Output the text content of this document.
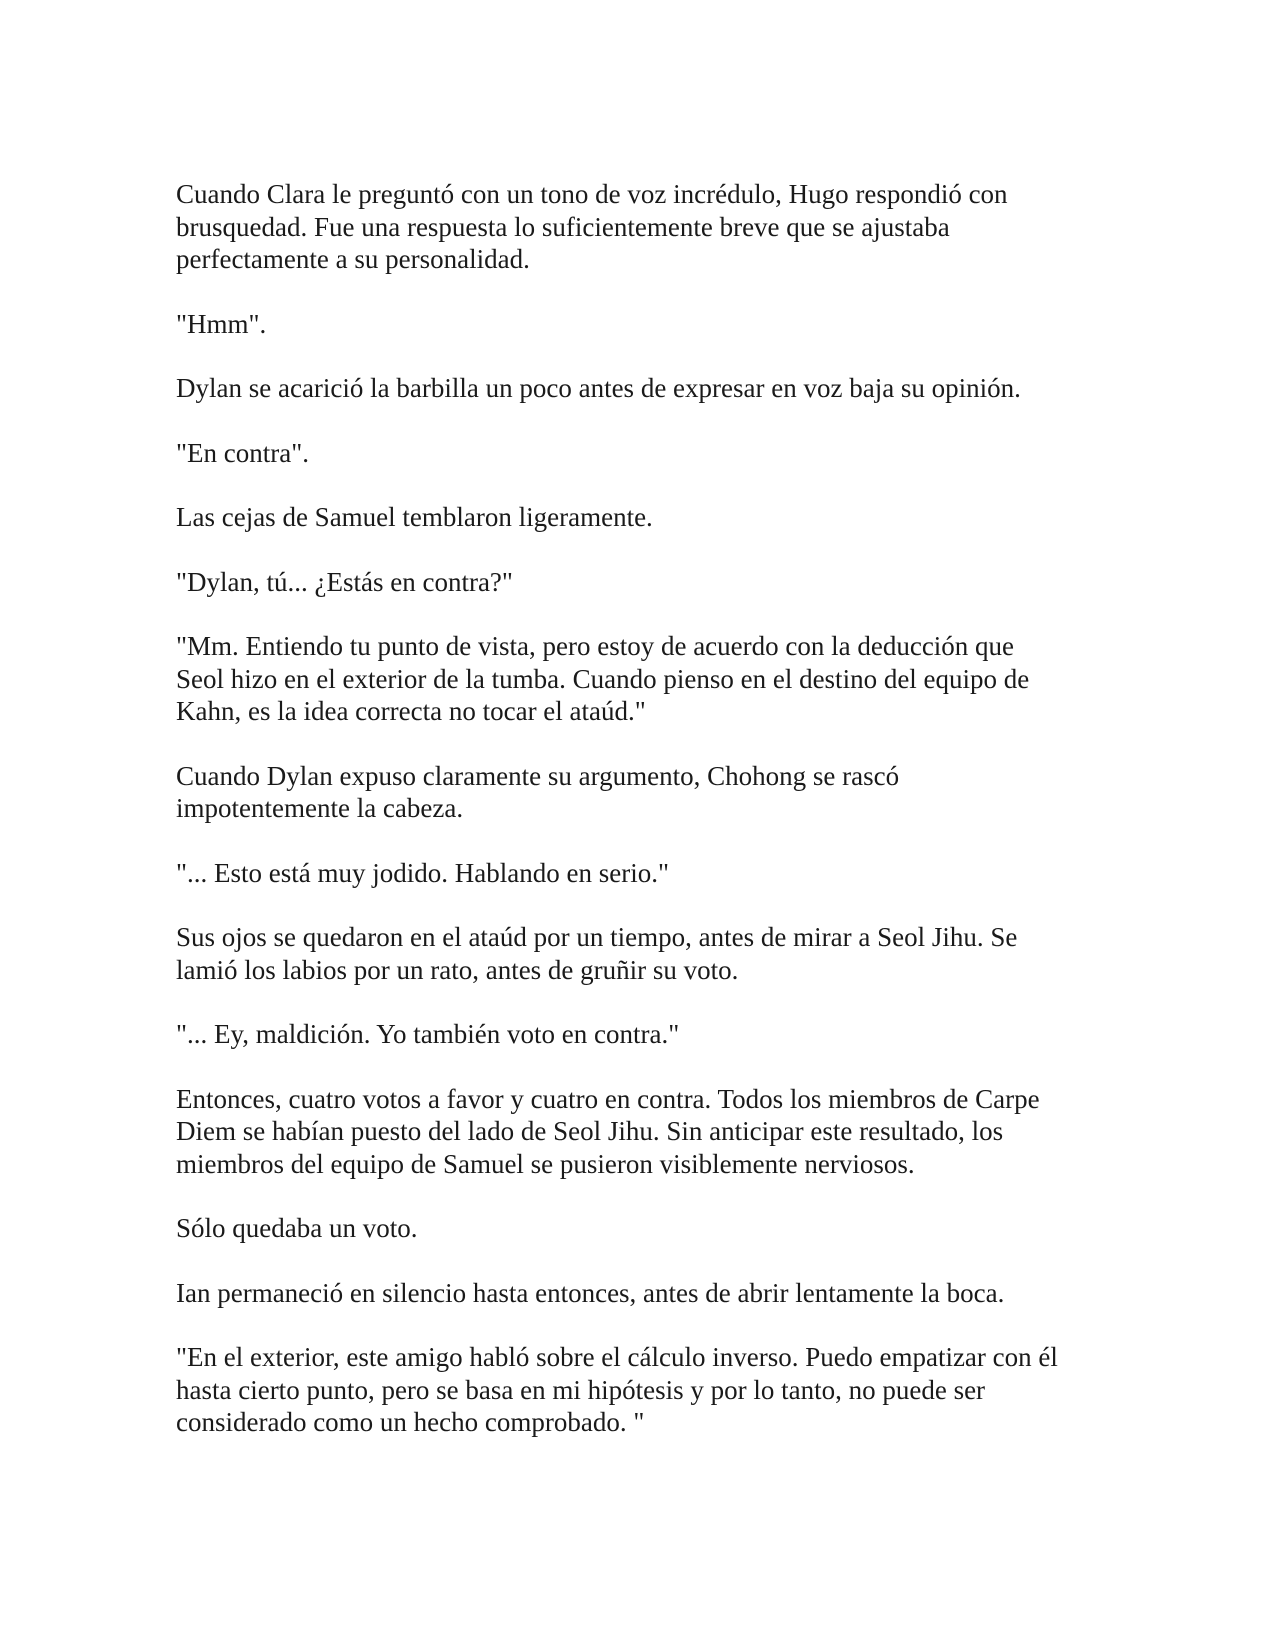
Cuando Clara le preguntó con un tono de voz incrédulo, Hugo respondió con
brusquedad. Fue una respuesta lo suficientemente breve que se ajustaba
perfectamente a su personalidad.

"Hmm".

Dylan se acarició la barbilla un poco antes de expresar en voz baja su opinión.

"En contra".

Las cejas de Samuel temblaron ligeramente.

"Dylan, tú... ¿Estás en contra?"

"Mm. Entiendo tu punto de vista, pero estoy de acuerdo con la deducción que
Seol hizo en el exterior de la tumba. Cuando pienso en el destino del equipo de
Kahn, es la idea correcta no tocar el ataúd."

Cuando Dylan expuso claramente su argumento, Chohong se rascó
impotentemente la cabeza.

"... Esto está muy jodido. Hablando en serio."

Sus ojos se quedaron en el ataúd por un tiempo, antes de mirar a Seol Jihu. Se
lamió los labios por un rato, antes de gruñir su voto.

"... Ey, maldición. Yo también voto en contra."

Entonces, cuatro votos a favor y cuatro en contra. Todos los miembros de Carpe
Diem se habían puesto del lado de Seol Jihu. Sin anticipar este resultado, los
miembros del equipo de Samuel se pusieron visiblemente nerviosos.

Sólo quedaba un voto.

Ian permaneció en silencio hasta entonces, antes de abrir lentamente la boca.

"En el exterior, este amigo habló sobre el cálculo inverso. Puedo empatizar con él
hasta cierto punto, pero se basa en mi hipótesis y por lo tanto, no puede ser
considerado como un hecho comprobado. "
